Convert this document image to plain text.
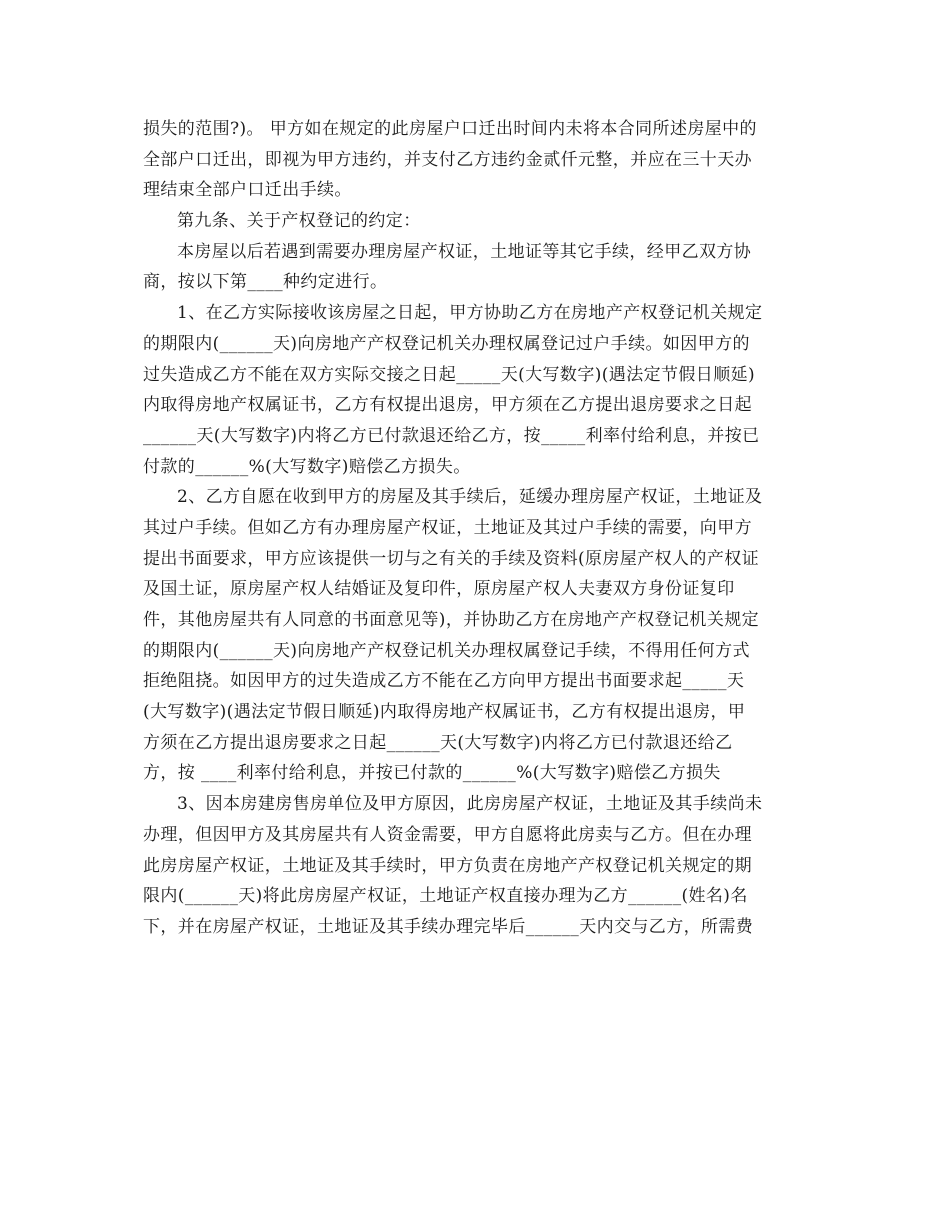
损失的范围?)。 甲方如在规定的此房屋户口迁出时间内未将本合同所述房屋中的
全部户口迁出，即视为甲方违约，并支付乙方违约金贰仟元整，并应在三十天办
理结束全部户口迁出手续。
第九条、关于产权登记的约定：
本房屋以后若遇到需要办理房屋产权证，土地证等其它手续，经甲乙双方协
商，按以下第____种约定进行。
1、在乙方实际接收该房屋之日起，甲方协助乙方在房地产产权登记机关规定
的期限内(______天)向房地产产权登记机关办理权属登记过户手续。如因甲方的
过失造成乙方不能在双方实际交接之日起_____天(大写数字)(遇法定节假日顺延)
内取得房地产权属证书，乙方有权提出退房，甲方须在乙方提出退房要求之日起
______天(大写数字)内将乙方已付款退还给乙方，按_____利率付给利息，并按已
付款的______%(大写数字)赔偿乙方损失。
2、乙方自愿在收到甲方的房屋及其手续后，延缓办理房屋产权证，土地证及
其过户手续。但如乙方有办理房屋产权证，土地证及其过户手续的需要，向甲方
提出书面要求，甲方应该提供一切与之有关的手续及资料(原房屋产权人的产权证
及国土证，原房屋产权人结婚证及复印件，原房屋产权人夫妻双方身份证复印
件，其他房屋共有人同意的书面意见等)，并协助乙方在房地产产权登记机关规定
的期限内(______天)向房地产产权登记机关办理权属登记手续，不得用任何方式
拒绝阻挠。如因甲方的过失造成乙方不能在乙方向甲方提出书面要求起_____天
(大写数字)(遇法定节假日顺延)内取得房地产权属证书，乙方有权提出退房，甲
方须在乙方提出退房要求之日起______天(大写数字)内将乙方已付款退还给乙
方，按 ____利率付给利息，并按已付款的______%(大写数字)赔偿乙方损失
3、因本房建房售房单位及甲方原因，此房房屋产权证，土地证及其手续尚未
办理，但因甲方及其房屋共有人资金需要，甲方自愿将此房卖与乙方。但在办理
此房房屋产权证，土地证及其手续时，甲方负责在房地产产权登记机关规定的期
限内(______天)将此房房屋产权证，土地证产权直接办理为乙方______(姓名)名
下，并在房屋产权证，土地证及其手续办理完毕后______天内交与乙方，所需费
